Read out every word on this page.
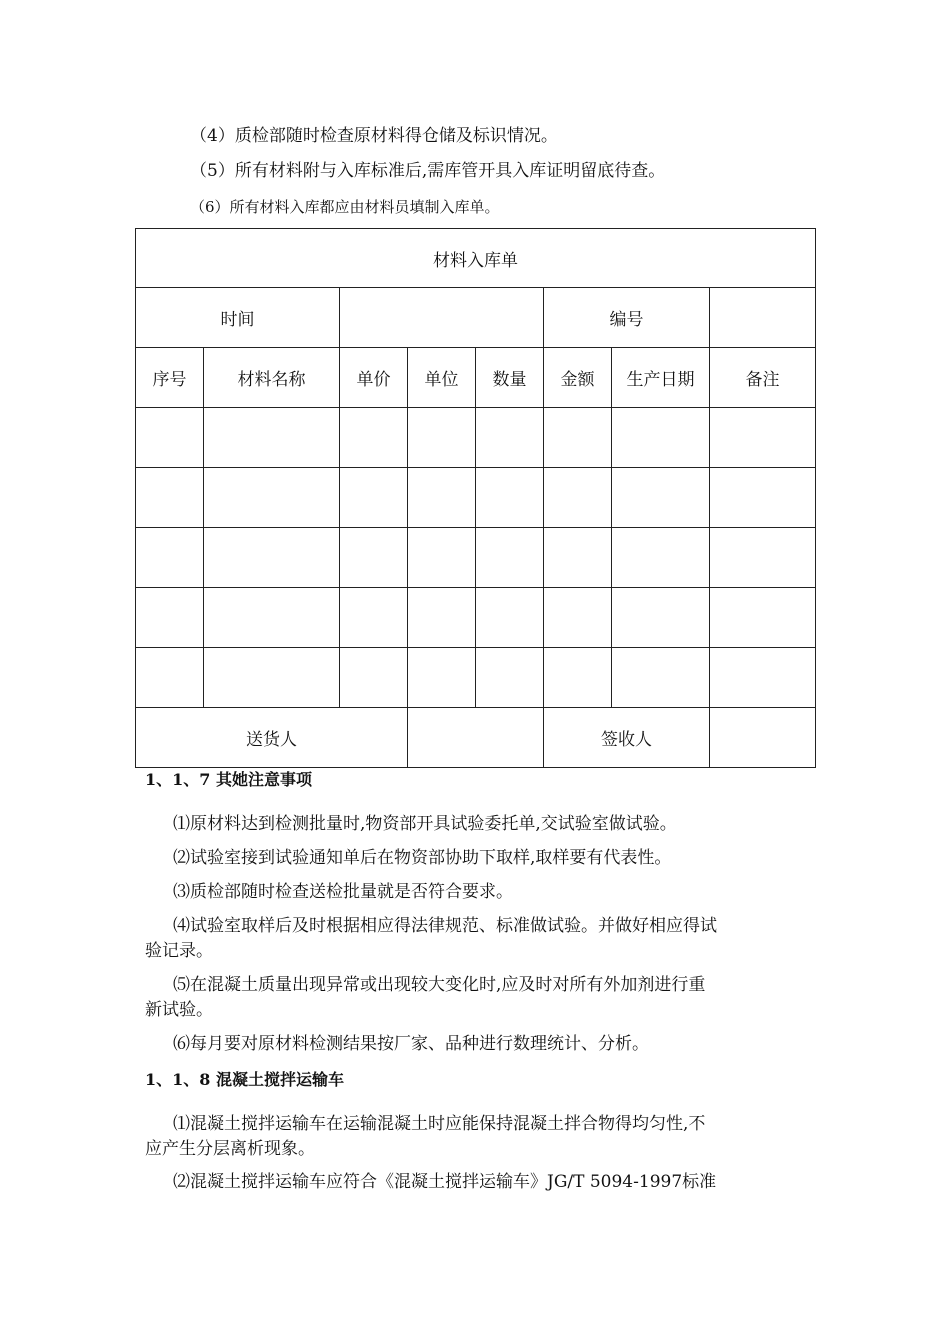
（4）质检部随时检查原材料得仓储及标识情况。
（5）所有材料附与入库标准后,需库管开具入库证明留底待查。
（6）所有材料入库都应由材料员填制入库单。
材料入库单							
时间					编号		
序号	材料名称	单价	单位	数量	金额	生产日期	备注

送货人					签收人		
1、1、7 其她注意事项
⑴原材料达到检测批量时,物资部开具试验委托单,交试验室做试验。
⑵试验室接到试验通知单后在物资部协助下取样,取样要有代表性。
⑶质检部随时检查送检批量就是否符合要求。
⑷试验室取样后及时根据相应得法律规范、标准做试验。并做好相应得试
验记录。
⑸在混凝土质量出现异常或出现较大变化时,应及时对所有外加剂进行重
新试验。
⑹每月要对原材料检测结果按厂家、品种进行数理统计、分析。
1、1、8 混凝土搅拌运输车
⑴混凝土搅拌运输车在运输混凝土时应能保持混凝土拌合物得均匀性,不
应产生分层离析现象。
⑵混凝土搅拌运输车应符合《混凝土搅拌运输车》JG/T 5094-1997标准
